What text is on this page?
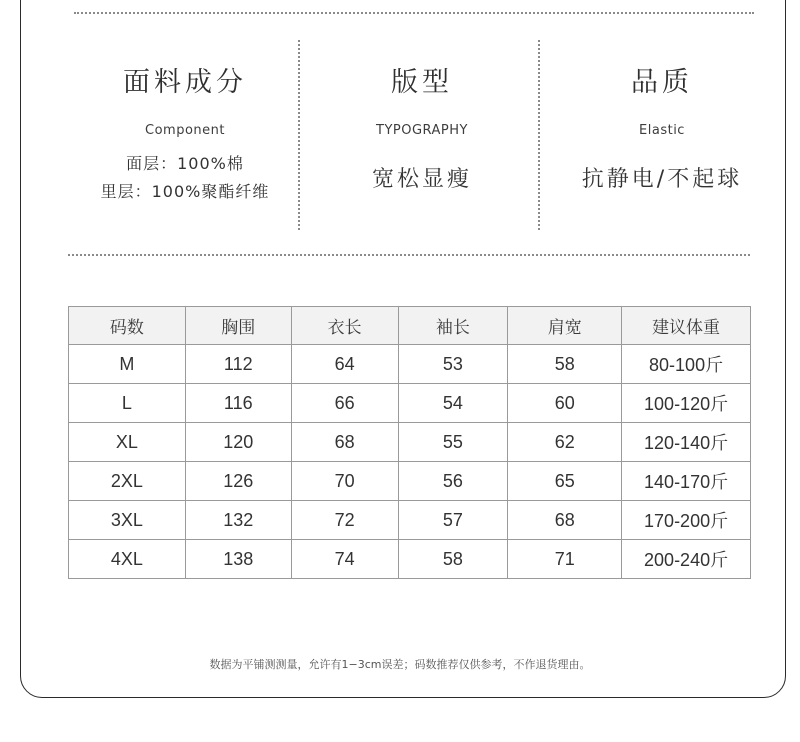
面料成分
Component
面层：100%棉
里层：100%聚酯纤维
版型
TYPOGRAPHY
宽松显瘦
品质
Elastic
抗静电/不起球
码数	胸围	衣长	袖长	肩宽	建议体重
M	112	64	53	58	80-100斤
L	116	66	54	60	100-120斤
XL	120	68	55	62	120-140斤
2XL	126	70	56	65	140-170斤
3XL	132	72	57	68	170-200斤
4XL	138	74	58	71	200-240斤
数据为平铺测测量，允许有1−3cm误差；码数推荐仅供参考，不作退货理由。
